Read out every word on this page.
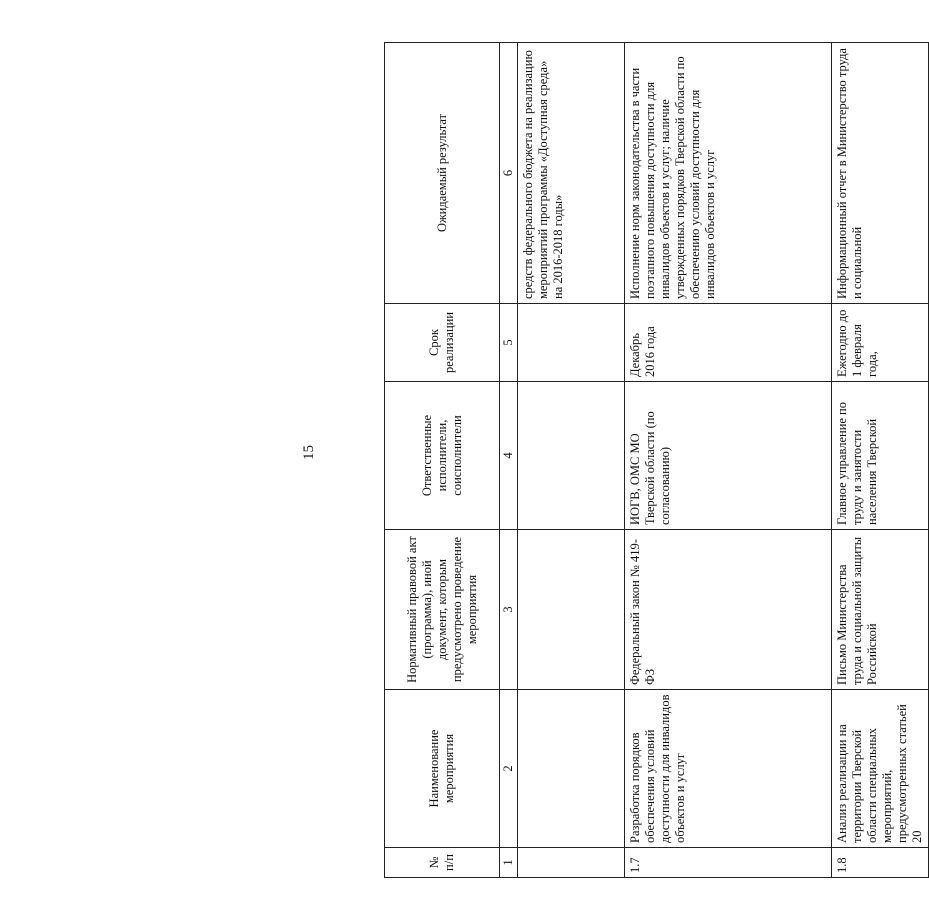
15
№ п/п	Наименование мероприятия	Нормативный правовой акт (программа), иной документ, которым предусмотрено проведение мероприятия	Ответственные исполнители, соисполнители	Срок реализации	Ожидаемый результат
1	2	3	4	5	6
					средств федерального бюджета на реализацию мероприятий программы «Доступная среда» на 2016-2018 годы»
1.7	Разработка порядков обеспечения условий доступности для инвалидов объектов и услуг	Федеральный закон № 419-ФЗ	ИОГВ, ОМС МО Тверской области (по согласованию)	Декабрь 2016 года	Исполнение норм законодательства в части поэтапного повышения доступности для инвалидов объектов и услуг; наличие утвержденных порядков Тверской области по обеспечению условий доступности для инвалидов объектов и услуг
1.8	Анализ реализации на территории Тверской области специальных мероприятий, предусмотренных статьей 20	Письмо Министерства труда и социальной защиты Российской	Главное управление по труду и занятости населения Тверской	Ежегодно до 1 февраля года,	Информационный отчет в Министерство труда и социальной
